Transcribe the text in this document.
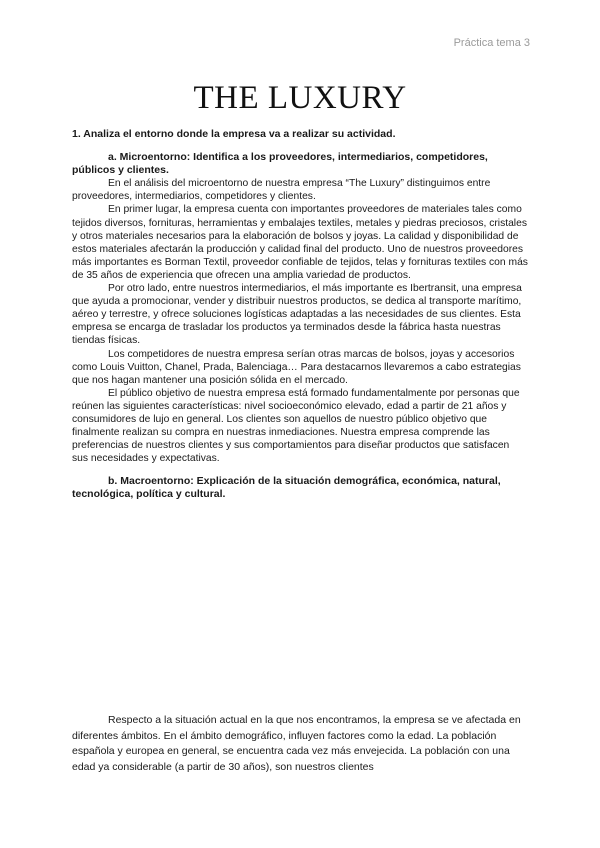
Práctica tema 3
THE LUXURY

1. Analiza el entorno donde la empresa va a realizar su actividad.

a. Microentorno: Identifica a los proveedores, intermediarios, competidores, públicos y clientes.

En el análisis del microentorno de nuestra empresa “The Luxury” distinguimos entre proveedores, intermediarios, competidores y clientes.

En primer lugar, la empresa cuenta con importantes proveedores de materiales tales como tejidos diversos, fornituras, herramientas y embalajes textiles, metales y piedras preciosos, cristales y otros materiales necesarios para la elaboración de bolsos y joyas. La calidad y disponibilidad de estos materiales afectarán la producción y calidad final del producto. Uno de nuestros proveedores más importantes es Borman Textil, proveedor confiable de tejidos, telas y fornituras textiles con más de 35 años de experiencia que ofrecen una amplia variedad de productos.

Por otro lado, entre nuestros intermediarios, el más importante es Ibertransit, una empresa que ayuda a promocionar, vender y distribuir nuestros productos, se dedica al transporte marítimo, aéreo y terrestre, y ofrece soluciones logísticas adaptadas a las necesidades de sus clientes. Esta empresa se encarga de trasladar los productos ya terminados desde la fábrica hasta nuestras tiendas físicas.

Los competidores de nuestra empresa serían otras marcas de bolsos, joyas y accesorios como Louis Vuitton, Chanel, Prada, Balenciaga… Para destacarnos llevaremos a cabo estrategias que nos hagan mantener una posición sólida en el mercado.

El público objetivo de nuestra empresa está formado fundamentalmente por personas que reúnen las siguientes características: nivel socioeconómico elevado, edad a partir de 21 años y consumidores de lujo en general. Los clientes son aquellos de nuestro público objetivo que finalmente realizan su compra en nuestras inmediaciones. Nuestra empresa comprende las preferencias de nuestros clientes y sus comportamientos para diseñar productos que satisfacen sus necesidades y expectativas.

b. Macroentorno: Explicación de la situación demográfica, económica, natural, tecnológica, política y cultural.

Respecto a la situación actual en la que nos encontramos, la empresa se ve afectada en diferentes ámbitos. En el ámbito demográfico, influyen factores como la edad. La población española y europea en general, se encuentra cada vez más envejecida. La población con una edad ya considerable (a partir de 30 años), son nuestros clientes
